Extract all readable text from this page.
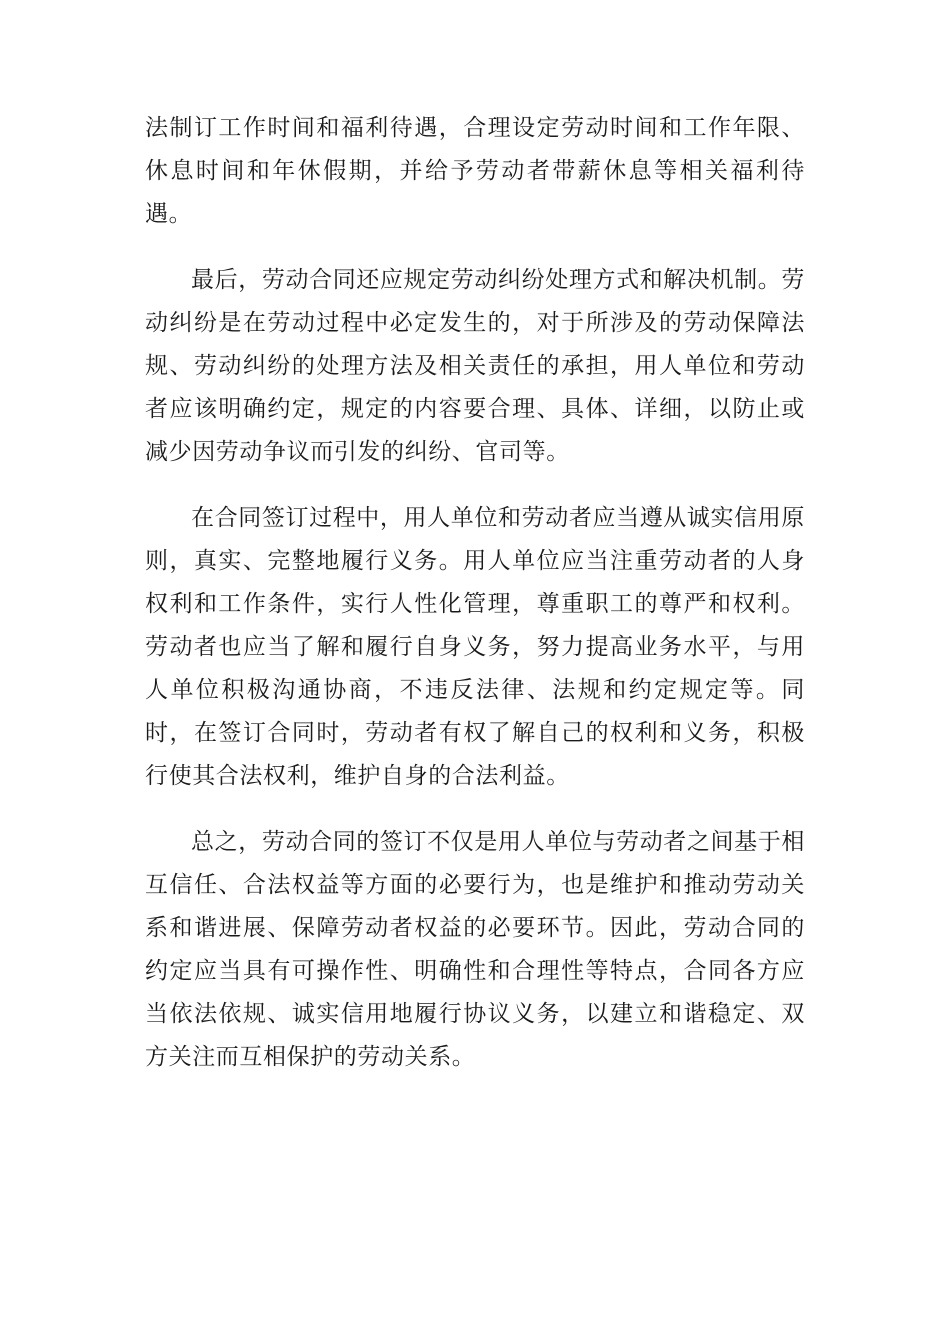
法制订工作时间和福利待遇，合理设定劳动时间和工作年限、休息时间和年休假期，并给予劳动者带薪休息等相关福利待遇。

最后，劳动合同还应规定劳动纠纷处理方式和解决机制。劳动纠纷是在劳动过程中必定发生的，对于所涉及的劳动保障法规、劳动纠纷的处理方法及相关责任的承担，用人单位和劳动者应该明确约定，规定的内容要合理、具体、详细，以防止或减少因劳动争议而引发的纠纷、官司等。

在合同签订过程中，用人单位和劳动者应当遵从诚实信用原则，真实、完整地履行义务。用人单位应当注重劳动者的人身权利和工作条件，实行人性化管理，尊重职工的尊严和权利。劳动者也应当了解和履行自身义务，努力提高业务水平，与用人单位积极沟通协商，不违反法律、法规和约定规定等。同时，在签订合同时，劳动者有权了解自己的权利和义务，积极行使其合法权利，维护自身的合法利益。

总之，劳动合同的签订不仅是用人单位与劳动者之间基于相互信任、合法权益等方面的必要行为，也是维护和推动劳动关系和谐进展、保障劳动者权益的必要环节。因此，劳动合同的约定应当具有可操作性、明确性和合理性等特点，合同各方应当依法依规、诚实信用地履行协议义务，以建立和谐稳定、双方关注而互相保护的劳动关系。
